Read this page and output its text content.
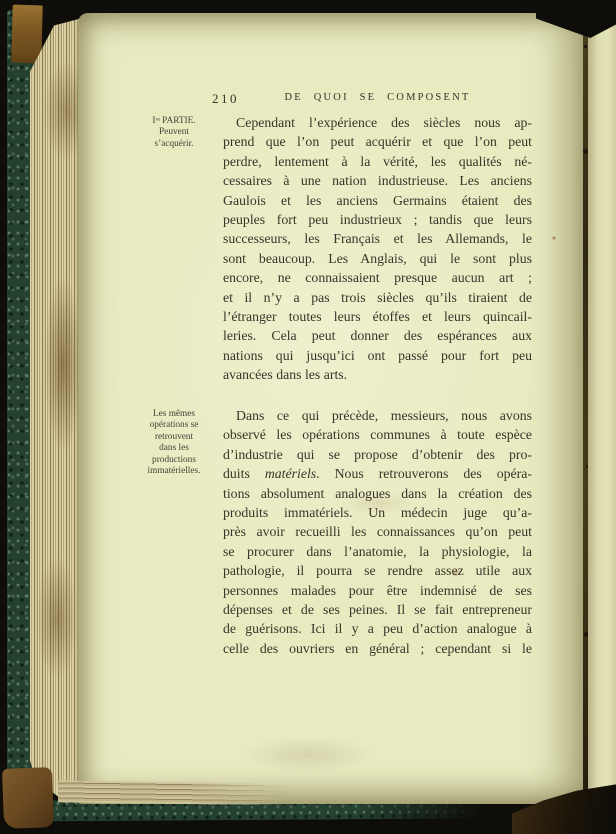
210	DE QUOI SE COMPOSENT
Iʳᵉ PARTIE.
Peuvent
s’acquérir.
Cependant l’expérience des siècles nous ap-
prend que l’on peut acquérir et que l’on peut
perdre, lentement à la vérité, les qualités né-
cessaires à une nation industrieuse. Les anciens
Gaulois et les anciens Germains étaient des
peuples fort peu industrieux ; tandis que leurs
successeurs, les Français et les Allemands, le
sont beaucoup. Les Anglais, qui le sont plus
encore, ne connaissaient presque aucun art ;
et il n’y a pas trois siècles qu’ils tiraient de
l’étranger toutes leurs étoffes et leurs quincail-
leries. Cela peut donner des espérances aux
nations qui jusqu’ici ont passé pour fort peu
avancées dans les arts.
Les mêmes
opérations se
retrouvent
dans les
productions
immatérielles.
Dans ce qui précède, messieurs, nous avons
observé les opérations communes à toute espèce
d’industrie qui se propose d’obtenir des pro-
duits matériels. Nous retrouverons des opéra-
tions absolument analogues dans la création des
produits immatériels. Un médecin juge qu’a-
près avoir recueilli les connaissances qu’on peut
se procurer dans l’anatomie, la physiologie, la
pathologie, il pourra se rendre assez utile aux
personnes malades pour être indemnisé de ses
dépenses et de ses peines. Il se fait entrepreneur
de guérisons. Ici il y a peu d’action analogue à
celle des ouvriers en général ; cependant si le
